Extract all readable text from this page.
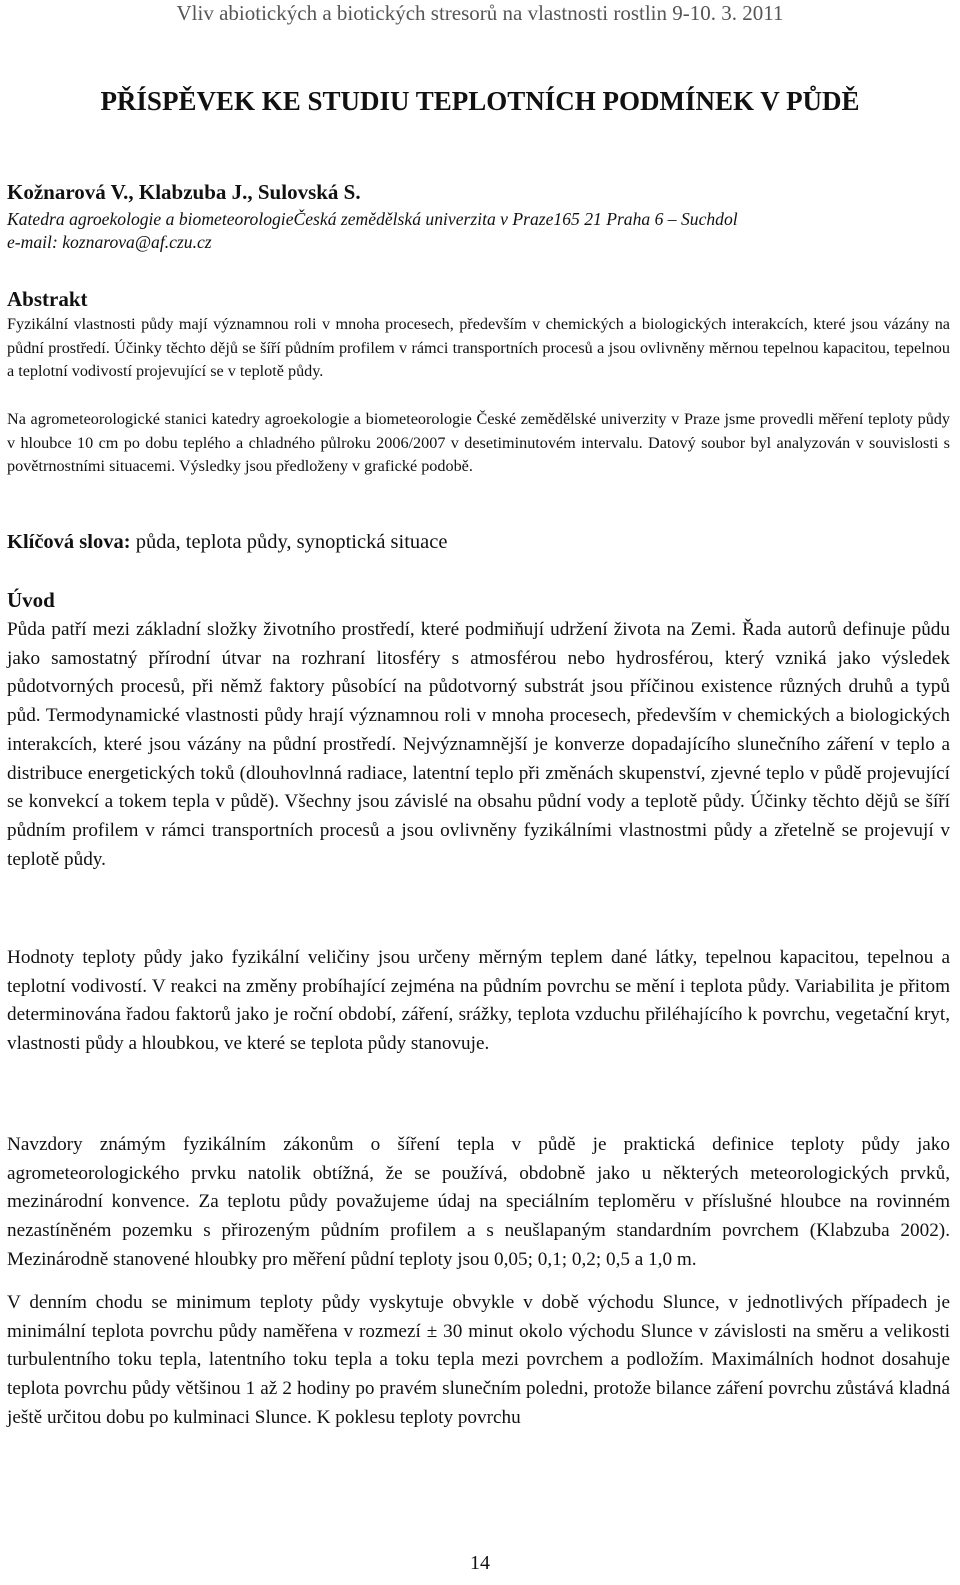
Vliv abiotických a biotických stresorů na vlastnosti rostlin 9-10. 3. 2011
PŘÍSPĚVEK KE STUDIU TEPLOTNÍCH PODMÍNEK V PŮDĚ
Kožnarová V., Klabzuba J., Sulovská S.
Katedra agroekologie a biometeorologieČeská zemědělská univerzita v Praze165 21 Praha 6 – Suchdol
e-mail: koznarova@af.czu.cz
Abstrakt

Fyzikální vlastnosti půdy mají významnou roli v mnoha procesech, především v chemických a biologických interakcích, které jsou vázány na půdní prostředí. Účinky těchto dějů se šíří půdním profilem v rámci transportních procesů a jsou ovlivněny měrnou tepelnou kapacitou, tepelnou a teplotní vodivostí projevující se v teplotě půdy.

Na agrometeorologické stanici katedry agroekologie a biometeorologie České zemědělské univerzity v Praze jsme provedli měření teploty půdy v hloubce 10 cm po dobu teplého a chladného půlroku 2006/2007 v desetiminutovém intervalu. Datový soubor byl analyzován v souvislosti s povětrnostními situacemi. Výsledky jsou předloženy v grafické podobě.

Klíčová slova: půda, teplota půdy, synoptická situace
Úvod

Půda patří mezi základní složky životního prostředí, které podmiňují udržení života na Zemi. Řada autorů definuje půdu jako samostatný přírodní útvar na rozhraní litosféry s atmosférou nebo hydrosférou, který vzniká jako výsledek půdotvorných procesů, při němž faktory působící na půdotvorný substrát jsou příčinou existence různých druhů a typů půd. Termodynamické vlastnosti půdy hrají významnou roli v mnoha procesech, především v chemických a biologických interakcích, které jsou vázány na půdní prostředí. Nejvýznamnější je konverze dopadajícího slunečního záření v teplo a distribuce energetických toků (dlouhovlnná radiace, latentní teplo při změnách skupenství, zjevné teplo v půdě projevující se konvekcí a tokem tepla v půdě). Všechny jsou závislé na obsahu půdní vody a teplotě půdy. Účinky těchto dějů se šíří půdním profilem v rámci transportních procesů a jsou ovlivněny fyzikálními vlastnostmi půdy a zřetelně se projevují v teplotě půdy.

Hodnoty teploty půdy jako fyzikální veličiny jsou určeny měrným teplem dané látky, tepelnou kapacitou, tepelnou a teplotní vodivostí. V reakci na změny probíhající zejména na půdním povrchu se mění i teplota půdy. Variabilita je přitom determinována řadou faktorů jako je roční období, záření, srážky, teplota vzduchu přiléhajícího k povrchu, vegetační kryt, vlastnosti půdy a hloubkou, ve které se teplota půdy stanovuje.

Navzdory známým fyzikálním zákonům o šíření tepla v půdě je praktická definice teploty půdy jako agrometeorologického prvku natolik obtížná, že se používá, obdobně jako u některých meteorologických prvků, mezinárodní konvence. Za teplotu půdy považujeme údaj na speciálním teploměru v příslušné hloubce na rovinném nezastíněném pozemku s přirozeným půdním profilem a s neušlapaným standardním povrchem (Klabzuba 2002). Mezinárodně stanovené hloubky pro měření půdní teploty jsou 0,05; 0,1; 0,2; 0,5 a 1,0 m.

V denním chodu se minimum teploty půdy vyskytuje obvykle v době východu Slunce, v jednotlivých případech je minimální teplota povrchu půdy naměřena v rozmezí ± 30 minut okolo východu Slunce v závislosti na směru a velikosti turbulentního toku tepla, latentního toku tepla a toku tepla mezi povrchem a podložím. Maximálních hodnot dosahuje teplota povrchu půdy většinou 1 až 2 hodiny po pravém slunečním poledni, protože bilance záření povrchu zůstává kladná ještě určitou dobu po kulminaci Slunce. K poklesu teploty povrchu

14
